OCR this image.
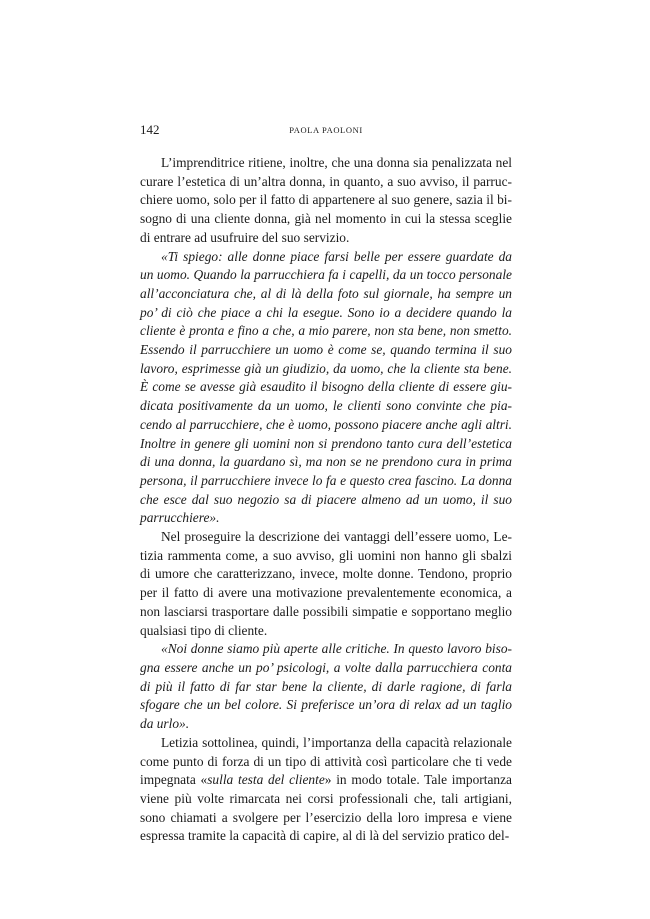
142	PAOLA PAOLONI

L’imprenditrice ritiene, inoltre, che una donna sia penalizzata nel curare l’estetica di un’altra donna, in quanto, a suo avviso, il parrucchiere uomo, solo per il fatto di appartenere al suo genere, sazia il bisogno di una cliente donna, già nel momento in cui la stessa sceglie di entrare ad usufruire del suo servizio.

«Ti spiego: alle donne piace farsi belle per essere guardate da un uomo. Quando la parrucchiera fa i capelli, da un tocco personale all’acconciatura che, al di là della foto sul giornale, ha sempre un po’ di ciò che piace a chi la esegue. Sono io a decidere quando la cliente è pronta e fino a che, a mio parere, non sta bene, non smetto. Essendo il parrucchiere un uomo è come se, quando termina il suo lavoro, esprimesse già un giudizio, da uomo, che la cliente sta bene. È come se avesse già esaudito il bisogno della cliente di essere giudicata positivamente da un uomo, le clienti sono convinte che piacendo al parrucchiere, che è uomo, possono piacere anche agli altri. Inoltre in genere gli uomini non si prendono tanto cura dell’estetica di una donna, la guardano sì, ma non se ne prendono cura in prima persona, il parrucchiere invece lo fa e questo crea fascino. La donna che esce dal suo negozio sa di piacere almeno ad un uomo, il suo parrucchiere».

Nel proseguire la descrizione dei vantaggi dell’essere uomo, Letizia rammenta come, a suo avviso, gli uomini non hanno gli sbalzi di umore che caratterizzano, invece, molte donne. Tendono, proprio per il fatto di avere una motivazione prevalentemente economica, a non lasciarsi trasportare dalle possibili simpatie e sopportano meglio qualsiasi tipo di cliente.

«Noi donne siamo più aperte alle critiche. In questo lavoro bisogna essere anche un po’ psicologi, a volte dalla parrucchiera conta di più il fatto di far star bene la cliente, di darle ragione, di farla sfogare che un bel colore. Si preferisce un’ora di relax ad un taglio da urlo».

Letizia sottolinea, quindi, l’importanza della capacità relazionale come punto di forza di un tipo di attività così particolare che ti vede impegnata «sulla testa del cliente» in modo totale. Tale importanza viene più volte rimarcata nei corsi professionali che, tali artigiani, sono chiamati a svolgere per l’esercizio della loro impresa e viene espressa tramite la capacità di capire, al di là del servizio pratico del-
